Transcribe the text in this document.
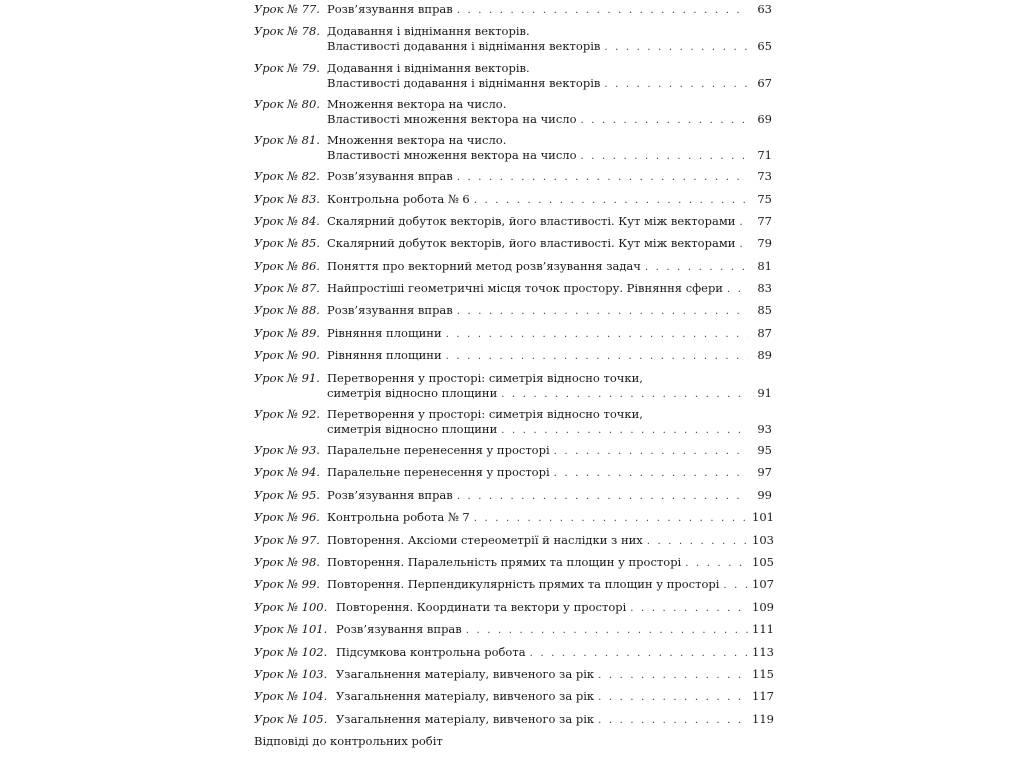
Урок № 77. Розв’язування вправ . . .	63
Урок № 78. Додавання і віднімання векторів.
Властивості додавання і віднімання векторів . . .	65
Урок № 79. Додавання і віднімання векторів.
Властивості додавання і віднімання векторів . . .	67
Урок № 80. Множення вектора на число.
Властивості множення вектора на число . . .	69
Урок № 81. Множення вектора на число.
Властивості множення вектора на число . . .	71
Урок № 82. Розв’язування вправ . . .	73
Урок № 83. Контрольна робота № 6 . . .	75
Урок № 84. Скалярний добуток векторів, його властивості. Кут між векторами . . .	77
Урок № 85. Скалярний добуток векторів, його властивості. Кут між векторами . . .	79
Урок № 86. Поняття про векторний метод розв’язування задач . . .	81
Урок № 87. Найпростіші геометричні місця точок простору. Рівняння сфери . . .	83
Урок № 88. Розв’язування вправ . . .	85
Урок № 89. Рівняння площини . . .	87
Урок № 90. Рівняння площини . . .	89
Урок № 91. Перетворення у просторі: симетрія відносно точки,
симетрія відносно площини . . .	91
Урок № 92. Перетворення у просторі: симетрія відносно точки,
симетрія відносно площини . . .	93
Урок № 93. Паралельне перенесення у просторі . . .	95
Урок № 94. Паралельне перенесення у просторі . . .	97
Урок № 95. Розв’язування вправ . . .	99
Урок № 96. Контрольна робота № 7 . . .	101
Урок № 97. Повторення. Аксіоми стереометрії й наслідки з них . . .	103
Урок № 98. Повторення. Паралельність прямих та площин у просторі . . .	105
Урок № 99. Повторення. Перпендикулярність прямих та площин у просторі . . .	107
Урок № 100. Повторення. Координати та вектори у просторі . . .	109
Урок № 101. Розв’язування вправ . . .	111
Урок № 102. Підсумкова контрольна робота . . .	113
Урок № 103. Узагальнення матеріалу, вивченого за рік . . .	115
Урок № 104. Узагальнення матеріалу, вивченого за рік . . .	117
Урок № 105. Узагальнення матеріалу, вивченого за рік . . .	119
Відповіді до контрольних робіт
